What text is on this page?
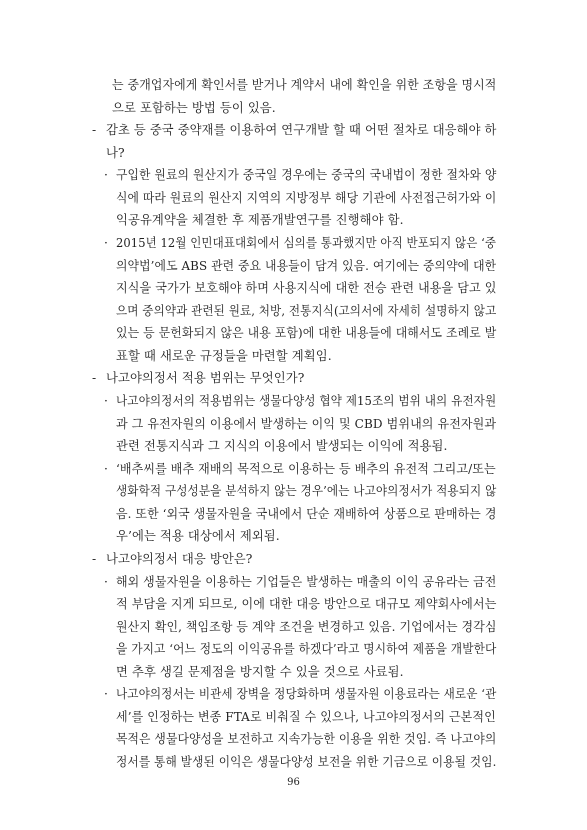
는 중개업자에게 확인서를 받거나 계약서 내에 확인을 위한 조항을 명시적
으로 포함하는 방법 등이 있음.
- 감초 등 중국 중약재를 이용하여 연구개발 할 때 어떤 절차로 대응해야 하
나?
· 구입한 원료의 원산지가 중국일 경우에는 중국의 국내법이 정한 절차와 양
식에 따라 원료의 원산지 지역의 지방정부 해당 기관에 사전접근허가와 이
익공유계약을 체결한 후 제품개발연구를 진행해야 함.
· 2015년 12월 인민대표대회에서 심의를 통과했지만 아직 반포되지 않은 ‘중
의약법’에도 ABS 관련 중요 내용들이 담겨 있음. 여기에는 중의약에 대한
지식을 국가가 보호해야 하며 사용지식에 대한 전승 관련 내용을 담고 있
으며 중의약과 관련된 원료, 처방, 전통지식(고의서에 자세히 설명하지 않고
있는 등 문헌화되지 않은 내용 포함)에 대한 내용들에 대해서도 조례로 발
표할 때 새로운 규정들을 마련할 계획임.
- 나고야의정서 적용 범위는 무엇인가?
· 나고야의정서의 적용범위는 생물다양성 협약 제15조의 범위 내의 유전자원
과 그 유전자원의 이용에서 발생하는 이익 및 CBD 범위내의 유전자원과
관련 전통지식과 그 지식의 이용에서 발생되는 이익에 적용됨.
· ‘배추씨를 배추 재배의 목적으로 이용하는 등 배추의 유전적 그리고/또는
생화학적 구성성분을 분석하지 않는 경우’에는 나고야의정서가 적용되지 않
음. 또한 ‘외국 생물자원을 국내에서 단순 재배하여 상품으로 판매하는 경
우’에는 적용 대상에서 제외됨.
- 나고야의정서 대응 방안은?
· 해외 생물자원을 이용하는 기업들은 발생하는 매출의 이익 공유라는 금전
적 부담을 지게 되므로, 이에 대한 대응 방안으로 대규모 제약회사에서는
원산지 확인, 책임조항 등 계약 조건을 변경하고 있음. 기업에서는 경각심
을 가지고 ‘어느 정도의 이익공유를 하겠다’라고 명시하여 제품을 개발한다
면 추후 생길 문제점을 방지할 수 있을 것으로 사료됨.
· 나고야의정서는 비관세 장벽을 정당화하며 생물자원 이용료라는 새로운 ‘관
세’를 인정하는 변종 FTA로 비춰질 수 있으나, 나고야의정서의 근본적인
목적은 생물다양성을 보전하고 지속가능한 이용을 위한 것임. 즉 나고야의
정서를 통해 발생된 이익은 생물다양성 보전을 위한 기금으로 이용될 것임.
96
